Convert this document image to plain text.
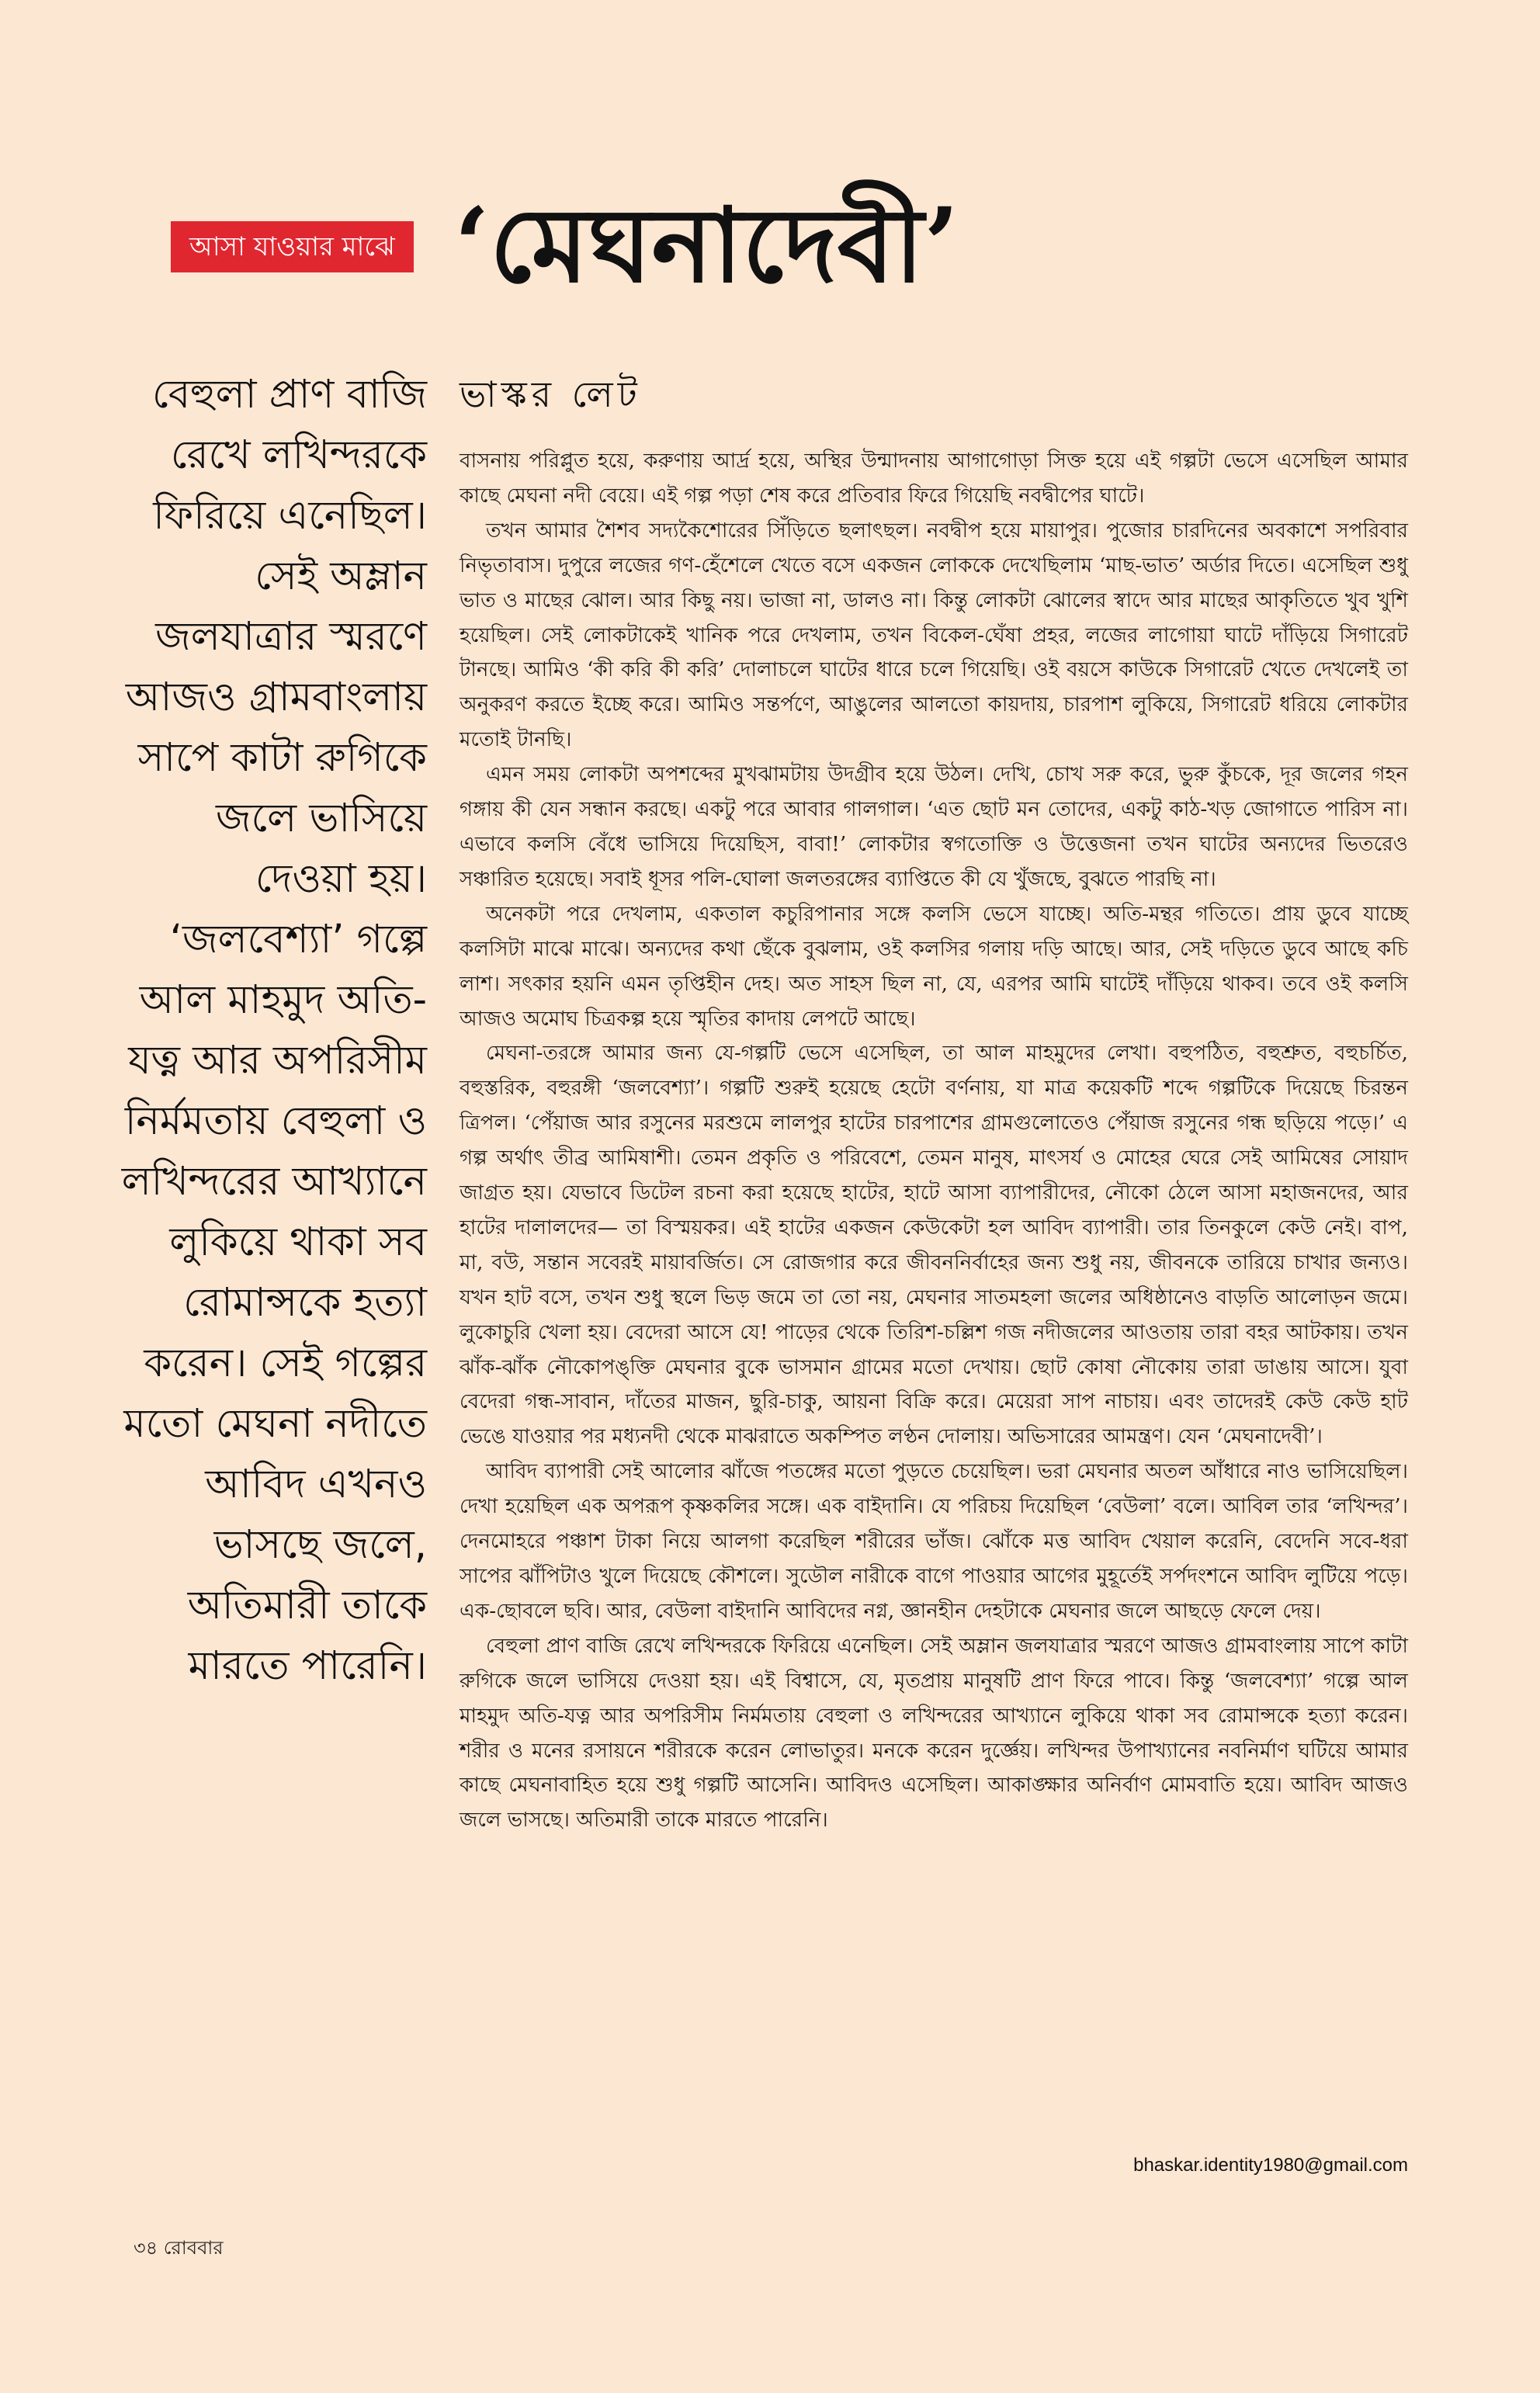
আসা যাওয়ার মাঝে ‘মেঘনাদেবী’

বেহুলা প্রাণ বাজি রেখে লখিন্দরকে ফিরিয়ে এনেছিল। সেই অম্লান জলযাত্রার স্মরণে আজও গ্রামবাংলায় সাপে কাটা রুগিকে জলে ভাসিয়ে দেওয়া হয়। ‘জলবেশ্যা’ গল্পে আল মাহমুদ অতি-যত্ন আর অপরিসীম নির্মমতায় বেহুলা ও লখিন্দরের আখ্যানে লুকিয়ে থাকা সব রোমান্সকে হত্যা করেন। সেই গল্পের মতো মেঘনা নদীতে আবিদ এখনও ভাসছে জলে, অতিমারী তাকে মারতে পারেনি।

ভাস্কর লেট

বাসনায় পরিপ্লুত হয়ে, করুণায় আর্দ্র হয়ে, অস্থির উন্মাদনায় আগাগোড়া সিক্ত হয়ে এই গল্পটা ভেসে এসেছিল আমার কাছে মেঘনা নদী বেয়ে। এই গল্প পড়া শেষ করে প্রতিবার ফিরে গিয়েছি নবদ্বীপের ঘাটে।

তখন আমার শৈশব সদ্যকৈশোরের সিঁড়িতে ছলাৎছল। নবদ্বীপ হয়ে মায়াপুর। পুজোর চারদিনের অবকাশে সপরিবার নিভৃতাবাস। দুপুরে লজের গণ-হেঁশেলে খেতে বসে একজন লোককে দেখেছিলাম ‘মাছ-ভাত’ অর্ডার দিতে। এসেছিল শুধু ভাত ও মাছের ঝোল। আর কিছু নয়। ভাজা না, ডালও না। কিন্তু লোকটা ঝোলের স্বাদে আর মাছের আকৃতিতে খুব খুশি হয়েছিল। সেই লোকটাকেই খানিক পরে দেখলাম, তখন বিকেল-ঘেঁষা প্রহর, লজের লাগোয়া ঘাটে দাঁড়িয়ে সিগারেট টানছে। আমিও ‘কী করি কী করি’ দোলাচলে ঘাটের ধারে চলে গিয়েছি। ওই বয়সে কাউকে সিগারেট খেতে দেখলেই তা অনুকরণ করতে ইচ্ছে করে। আমিও সন্তর্পণে, আঙুলের আলতো কায়দায়, চারপাশ লুকিয়ে, সিগারেট ধরিয়ে লোকটার মতোই টানছি।

এমন সময় লোকটা অপশব্দের মুখঝামটায় উদগ্রীব হয়ে উঠল। দেখি, চোখ সরু করে, ভুরু কুঁচকে, দূর জলের গহন গঙ্গায় কী যেন সন্ধান করছে। একটু পরে আবার গালগাল। ‘এত ছোট মন তোদের, একটু কাঠ-খড় জোগাতে পারিস না। এভাবে কলসি বেঁধে ভাসিয়ে দিয়েছিস, বাবা!’ লোকটার স্বগতোক্তি ও উত্তেজনা তখন ঘাটের অন্যদের ভিতরেও সঞ্চারিত হয়েছে। সবাই ধূসর পলি-ঘোলা জলতরঙ্গের ব্যাপ্তিতে কী যে খুঁজছে, বুঝতে পারছি না।

অনেকটা পরে দেখলাম, একতাল কচুরিপানার সঙ্গে কলসি ভেসে যাচ্ছে। অতি-মন্থর গতিতে। প্রায় ডুবে যাচ্ছে কলসিটা মাঝে মাঝে। অন্যদের কথা ছেঁকে বুঝলাম, ওই কলসির গলায় দড়ি আছে। আর, সেই দড়িতে ডুবে আছে কচি লাশ। সৎকার হয়নি এমন তৃপ্তিহীন দেহ। অত সাহস ছিল না, যে, এরপর আমি ঘাটেই দাঁড়িয়ে থাকব। তবে ওই কলসি আজও অমোঘ চিত্রকল্প হয়ে স্মৃতির কাদায় লেপটে আছে।

মেঘনা-তরঙ্গে আমার জন্য যে-গল্পটি ভেসে এসেছিল, তা আল মাহমুদের লেখা। বহুপঠিত, বহুশ্রুত, বহুচর্চিত, বহুস্তরিক, বহুরঙ্গী ‘জলবেশ্যা’। গল্পটি শুরুই হয়েছে হেটো বর্ণনায়, যা মাত্র কয়েকটি শব্দে গল্পটিকে দিয়েছে চিরন্তন ত্রিপল। ‘পেঁয়াজ আর রসুনের মরশুমে লালপুর হাটের চারপাশের গ্রামগুলোতেও পেঁয়াজ রসুনের গন্ধ ছড়িয়ে পড়ে।’ এ গল্প অর্থাৎ তীব্র আমিষাশী। তেমন প্রকৃতি ও পরিবেশে, তেমন মানুষ, মাৎসর্য ও মোহের ঘেরে সেই আমিষের সোয়াদ জাগ্রত হয়। যেভাবে ডিটেল রচনা করা হয়েছে হাটের, হাটে আসা ব্যাপারীদের, নৌকো ঠেলে আসা মহাজনদের, আর হাটের দালালদের— তা বিস্ময়কর। এই হাটের একজন কেউকেটা হল আবিদ ব্যাপারী। তার তিনকুলে কেউ নেই। বাপ, মা, বউ, সন্তান সবেরই মায়াবর্জিত। সে রোজগার করে জীবননির্বাহের জন্য শুধু নয়, জীবনকে তারিয়ে চাখার জন্যও। যখন হাট বসে, তখন শুধু স্থলে ভিড় জমে তা তো নয়, মেঘনার সাতমহলা জলের অধিষ্ঠানেও বাড়তি আলোড়ন জমে। লুকোচুরি খেলা হয়। বেদেরা আসে যে! পাড়ের থেকে তিরিশ-চল্লিশ গজ নদীজলের আওতায় তারা বহর আটকায়। তখন ঝাঁক-ঝাঁক নৌকোপঙ্‌ক্তি মেঘনার বুকে ভাসমান গ্রামের মতো দেখায়। ছোট কোষা নৌকোয় তারা ডাঙায় আসে। যুবা বেদেরা গন্ধ-সাবান, দাঁতের মাজন, ছুরি-চাকু, আয়না বিক্রি করে। মেয়েরা সাপ নাচায়। এবং তাদেরই কেউ কেউ হাট ভেঙে যাওয়ার পর মধ্যনদী থেকে মাঝরাতে অকম্পিত লণ্ঠন দোলায়। অভিসারের আমন্ত্রণ। যেন ‘মেঘনাদেবী’।

আবিদ ব্যাপারী সেই আলোর ঝাঁজে পতঙ্গের মতো পুড়তে চেয়েছিল। ভরা মেঘনার অতল আঁধারে নাও ভাসিয়েছিল। দেখা হয়েছিল এক অপরূপ কৃষ্ণকলির সঙ্গে। এক বাইদানি। যে পরিচয় দিয়েছিল ‘বেউলা’ বলে। আবিল তার ‘লখিন্দর’। দেনমোহরে পঞ্চাশ টাকা নিয়ে আলগা করেছিল শরীরের ভাঁজ। ঝোঁকে মত্ত আবিদ খেয়াল করেনি, বেদেনি সবে-ধরা সাপের ঝাঁপিটাও খুলে দিয়েছে কৌশলে। সুডৌল নারীকে বাগে পাওয়ার আগের মুহূর্তেই সর্পদংশনে আবিদ লুটিয়ে পড়ে। এক-ছোবলে ছবি। আর, বেউলা বাইদানি আবিদের নগ্ন, জ্ঞানহীন দেহটাকে মেঘনার জলে আছড়ে ফেলে দেয়।

বেহুলা প্রাণ বাজি রেখে লখিন্দরকে ফিরিয়ে এনেছিল। সেই অম্লান জলযাত্রার স্মরণে আজও গ্রামবাংলায় সাপে কাটা রুগিকে জলে ভাসিয়ে দেওয়া হয়। এই বিশ্বাসে, যে, মৃতপ্রায় মানুষটি প্রাণ ফিরে পাবে। কিন্তু ‘জলবেশ্যা’ গল্পে আল মাহমুদ অতি-যত্ন আর অপরিসীম নির্মমতায় বেহুলা ও লখিন্দরের আখ্যানে লুকিয়ে থাকা সব রোমান্সকে হত্যা করেন। শরীর ও মনের রসায়নে শরীরকে করেন লোভাতুর। মনকে করেন দুর্জ্ঞেয়। লখিন্দর উপাখ্যানের নবনির্মাণ ঘটিয়ে আমার কাছে মেঘনাবাহিত হয়ে শুধু গল্পটি আসেনি। আবিদও এসেছিল। আকাঙ্ক্ষার অনির্বাণ মোমবাতি হয়ে। আবিদ আজও জলে ভাসছে। অতিমারী তাকে মারতে পারেনি।

bhaskar.identity1980@gmail.com
৩৪ রোববার
